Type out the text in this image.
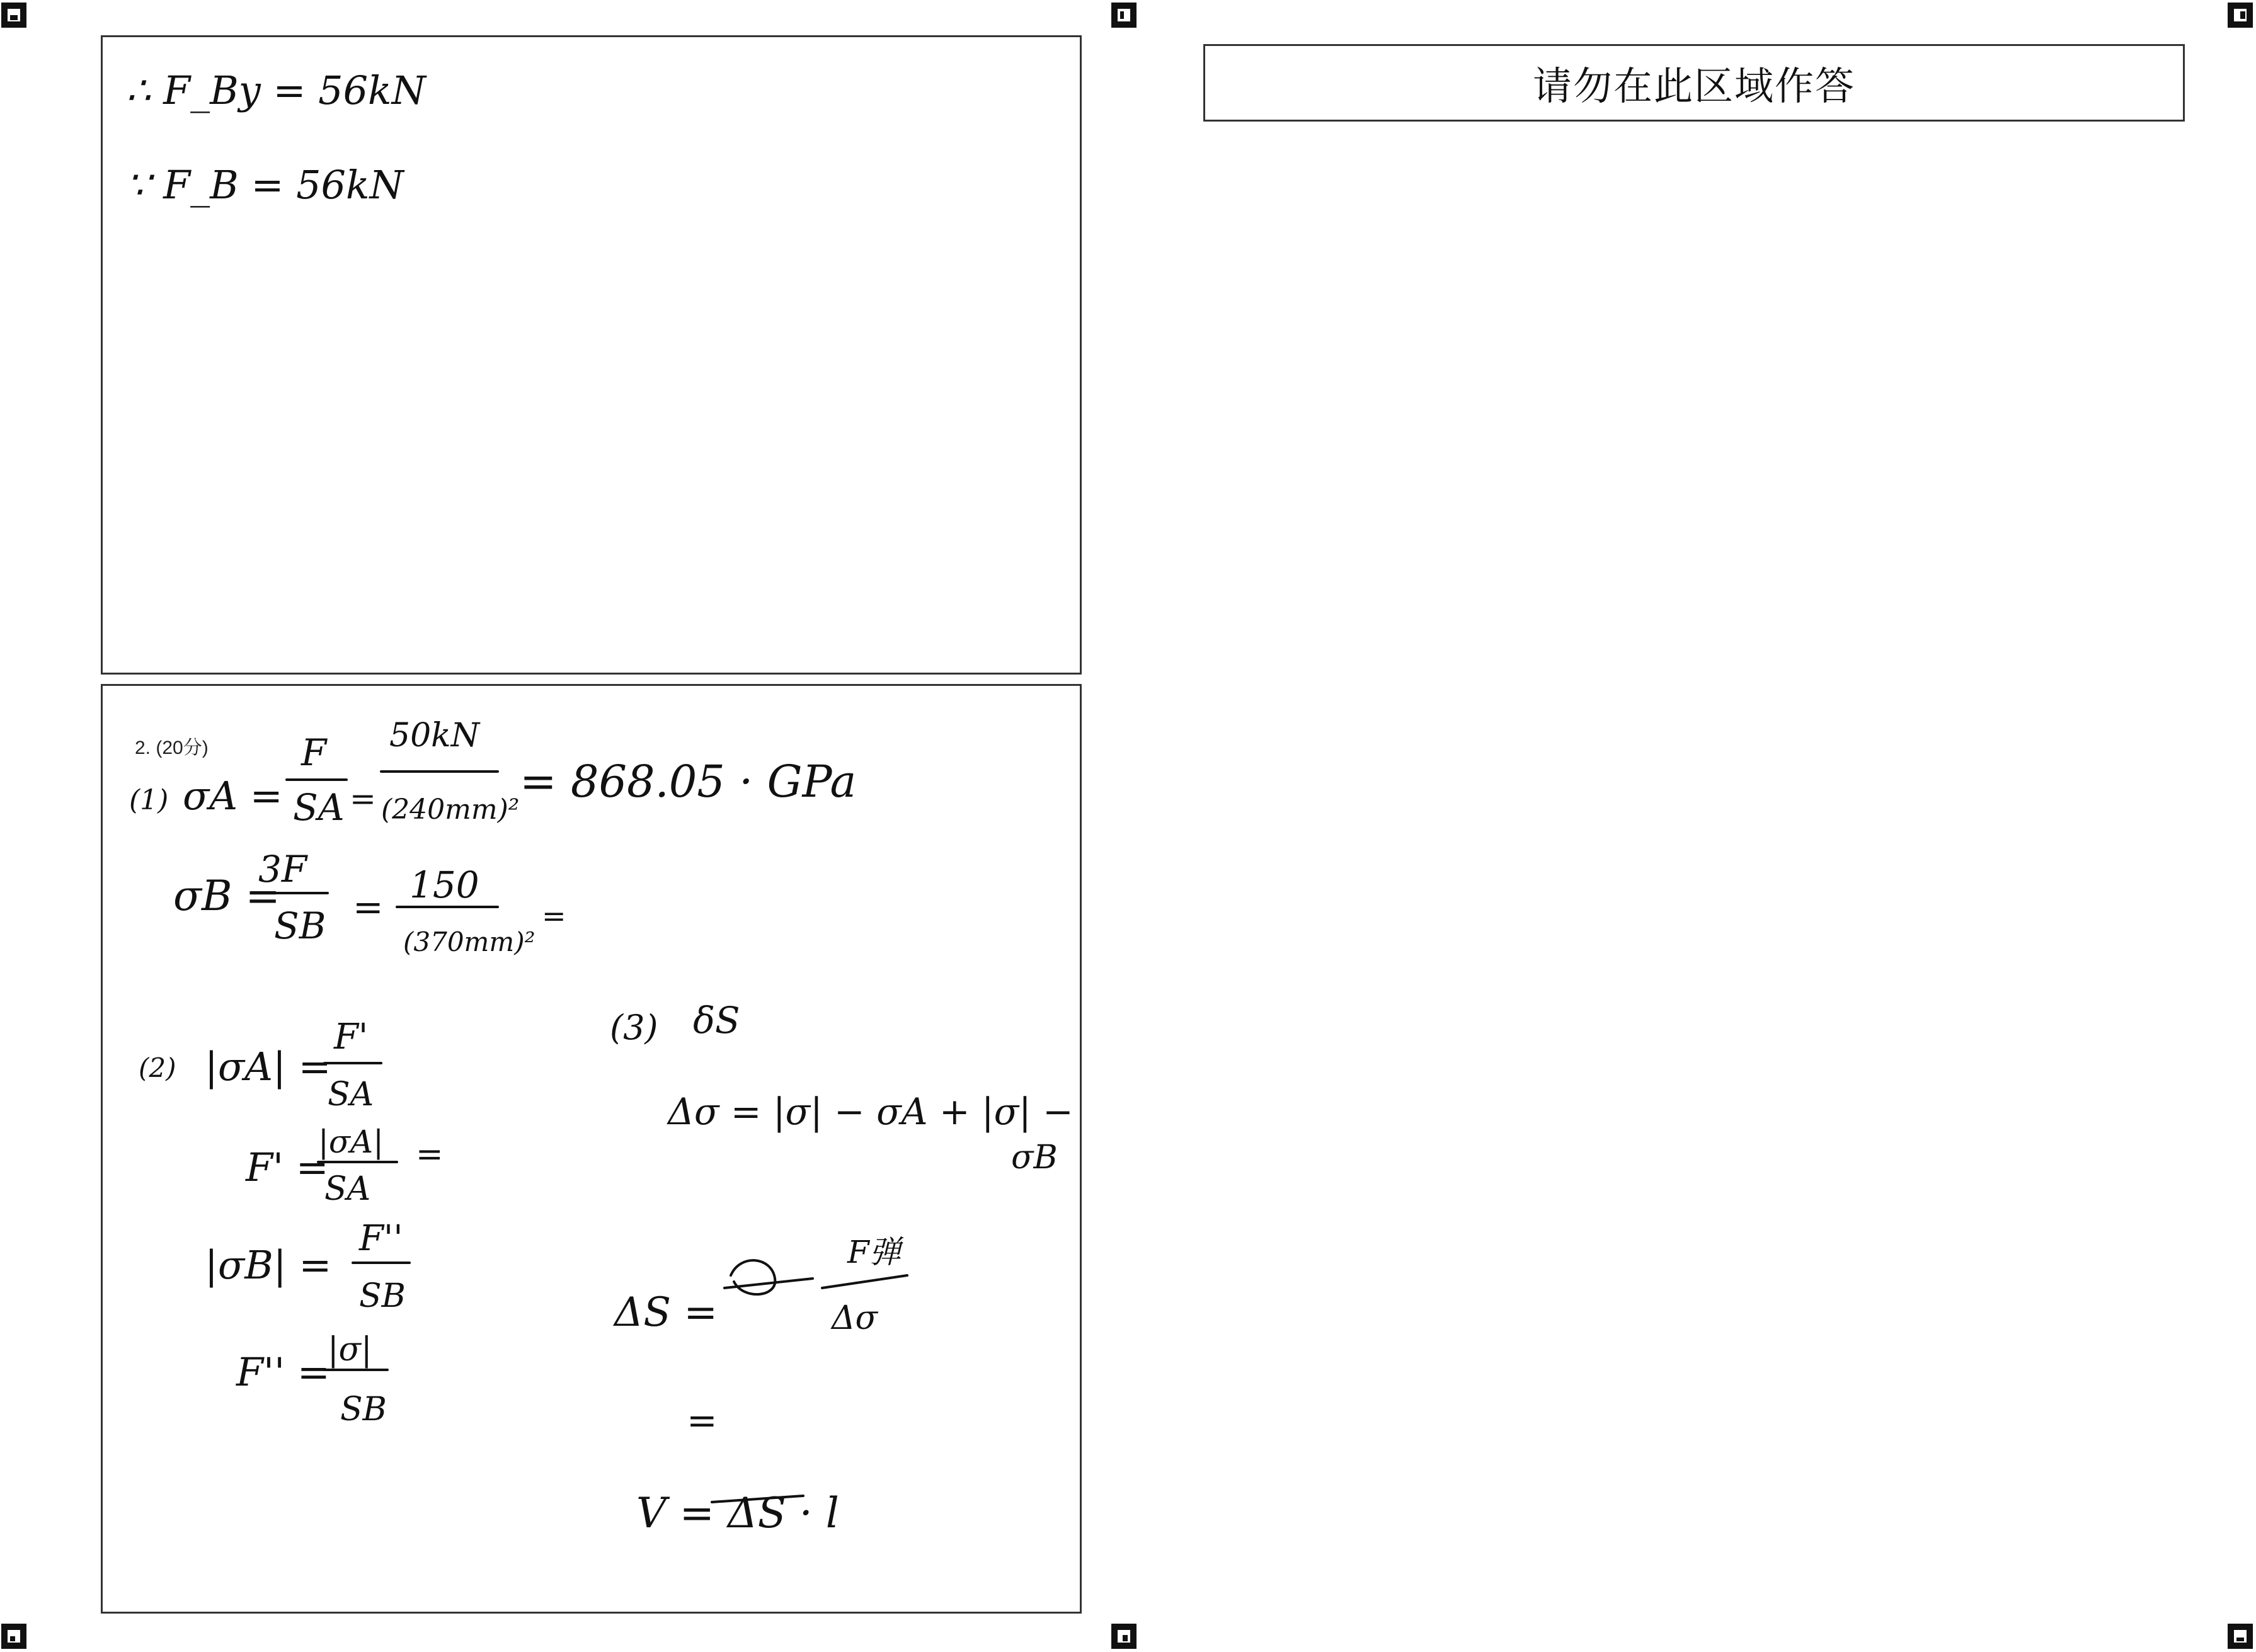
请勿在此区域作答
2. (20分)
∴ F_By = 56kN
∵ F_B = 56kN
(1) σA =
F
SA =
50kN
(240mm)²
= 868.05 · GPa
σB =
3F
SB =
150
(370mm)²
=
(2) |σA| =
F'
SA
F' =
|σA|
SA
=
|σB| =
F''
SB
F'' =
|σ|
SB
(3) δS
Δσ = |σ| − σA + |σ| −
σB
ΔS =
F弹
Δσ
=
V = ΔS · l
